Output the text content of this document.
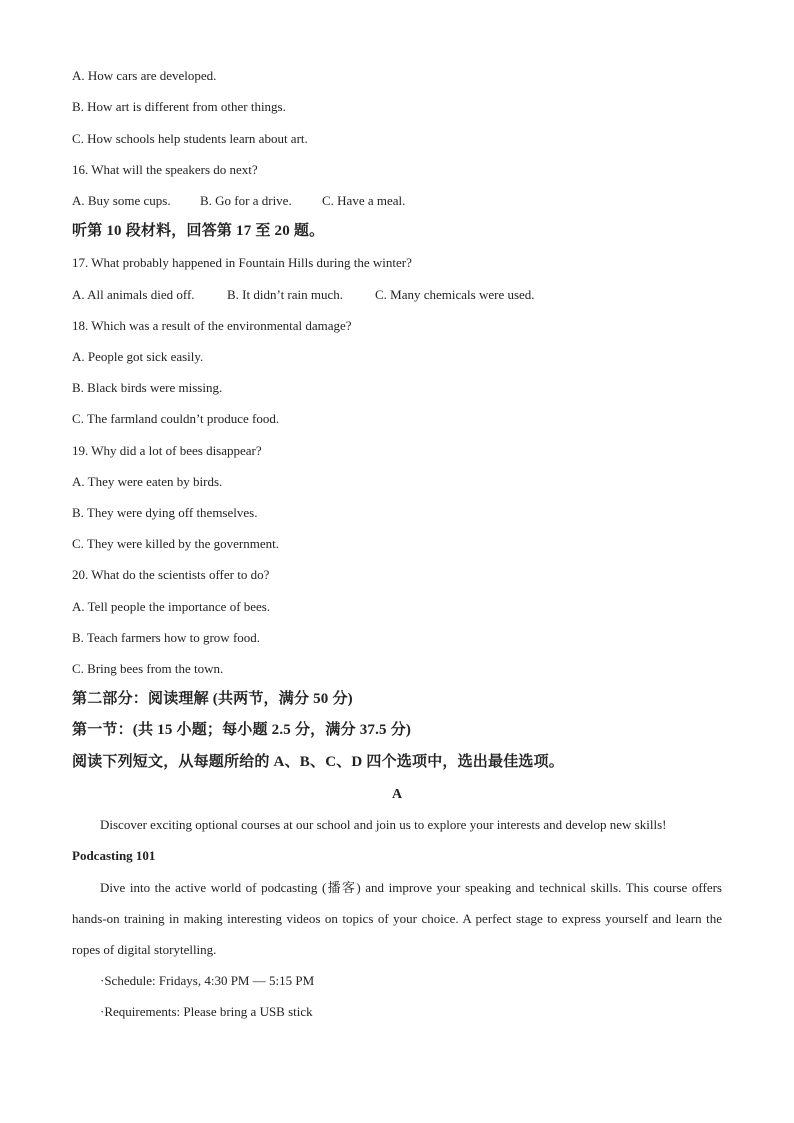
A. How cars are developed.
B. How art is different from other things.
C. How schools help students learn about art.
16. What will the speakers do next?
A. Buy some cups. B. Go for a drive. C. Have a meal.
听第 10 段材料，回答第 17 至 20 题。
17. What probably happened in Fountain Hills during the winter?
A. All animals died off. B. It didn’t rain much. C. Many chemicals were used.
18. Which was a result of the environmental damage?
A. People got sick easily.
B. Black birds were missing.
C. The farmland couldn’t produce food.
19. Why did a lot of bees disappear?
A. They were eaten by birds.
B. They were dying off themselves.
C. They were killed by the government.
20. What do the scientists offer to do?
A. Tell people the importance of bees.
B. Teach farmers how to grow food.
C. Bring bees from the town.
第二部分：阅读理解 (共两节，满分 50 分)
第一节：(共 15 小题；每小题 2.5 分，满分 37.5 分)
阅读下列短文，从每题所给的 A、B、C、D 四个选项中，选出最佳选项。
A
Discover exciting optional courses at our school and join us to explore your interests and develop new skills!
Podcasting 101
Dive into the active world of podcasting (播客) and improve your speaking and technical skills. This course offers hands-on training in making interesting videos on topics of your choice. A perfect stage to express yourself and learn the ropes of digital storytelling.
·Schedule: Fridays, 4:30 PM — 5:15 PM
·Requirements: Please bring a USB stick
